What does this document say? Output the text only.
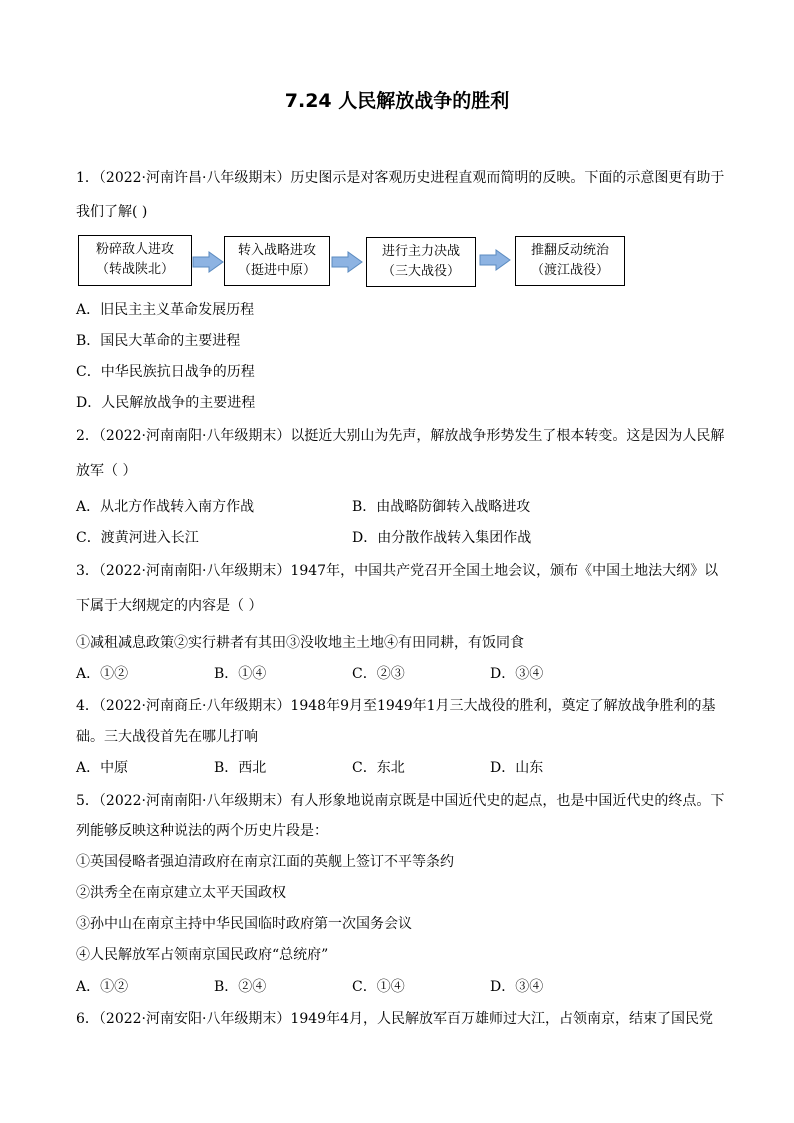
7.24 人民解放战争的胜利
1．（2022·河南许昌·八年级期末）历史图示是对客观历史进程直观而简明的反映。下面的示意图更有助于
我们了解( )
粉碎敌人进攻
（转战陕北）
转入战略进攻
（挺进中原）
进行主力决战
（三大战役）
推翻反动统治
（渡江战役）
A．旧民主主义革命发展历程
B．国民大革命的主要进程
C．中华民族抗日战争的历程
D．人民解放战争的主要进程
2．（2022·河南南阳·八年级期末）以挺近大别山为先声，解放战争形势发生了根本转变。这是因为人民解
放军（ ）
A．从北方作战转入南方作战	B．由战略防御转入战略进攻
C．渡黄河进入长江	D．由分散作战转入集团作战
3．（2022·河南南阳·八年级期末）1947年，中国共产党召开全国土地会议，颁布《中国土地法大纲》以
下属于大纲规定的内容是（ ）
①减租减息政策②实行耕者有其田③没收地主土地④有田同耕，有饭同食
A．①②	B．①④	C．②③	D．③④
4．（2022·河南商丘·八年级期末）1948年9月至1949年1月三大战役的胜利，奠定了解放战争胜利的基
础。三大战役首先在哪儿打响
A．中原	B．西北	C．东北	D．山东
5．（2022·河南南阳·八年级期末）有人形象地说南京既是中国近代史的起点，也是中国近代史的终点。下
列能够反映这种说法的两个历史片段是：
①英国侵略者强迫清政府在南京江面的英舰上签订不平等条约
②洪秀全在南京建立太平天国政权
③孙中山在南京主持中华民国临时政府第一次国务会议
④人民解放军占领南京国民政府“总统府”
A．①②	B．②④	C．①④	D．③④
6．（2022·河南安阳·八年级期末）1949年4月，人民解放军百万雄师过大江，占领南京，结束了国民党
